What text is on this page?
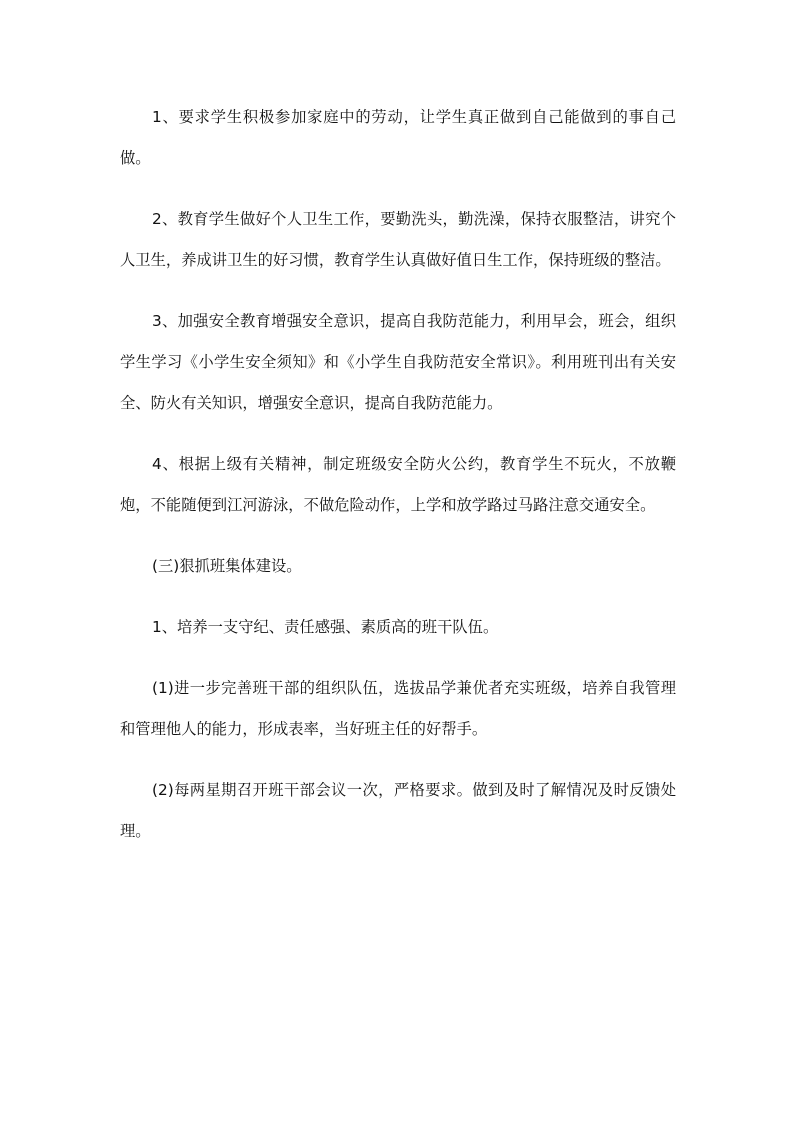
1、要求学生积极参加家庭中的劳动，让学生真正做到自己能做到的事自己做。

2、教育学生做好个人卫生工作，要勤洗头，勤洗澡，保持衣服整洁，讲究个人卫生，养成讲卫生的好习惯，教育学生认真做好值日生工作，保持班级的整洁。

3、加强安全教育增强安全意识，提高自我防范能力，利用早会，班会，组织学生学习《小学生安全须知》和《小学生自我防范安全常识》。利用班刊出有关安全、防火有关知识，增强安全意识，提高自我防范能力。

4、根据上级有关精神，制定班级安全防火公约，教育学生不玩火，不放鞭炮，不能随便到江河游泳，不做危险动作，上学和放学路过马路注意交通安全。

(三)狠抓班集体建设。

1、培养一支守纪、责任感强、素质高的班干队伍。

(1)进一步完善班干部的组织队伍，选拔品学兼优者充实班级，培养自我管理和管理他人的能力，形成表率，当好班主任的好帮手。

(2)每两星期召开班干部会议一次，严格要求。做到及时了解情况及时反馈处理。
